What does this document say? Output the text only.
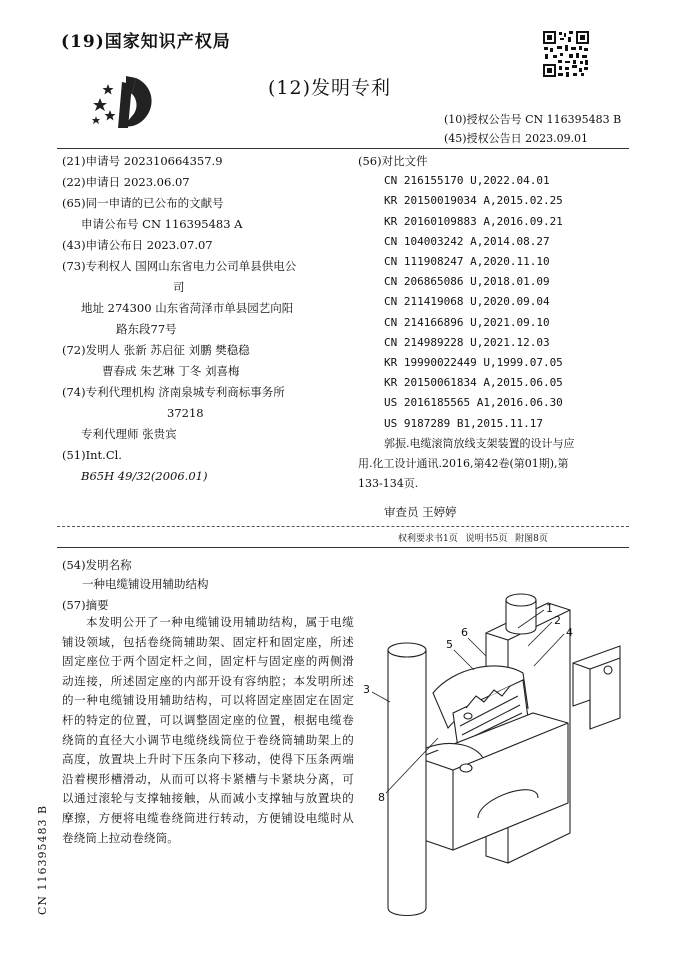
(19)国家知识产权局
(12)发明专利
(10)授权公告号 CN 116395483 B
(45)授权公告日 2023.09.01
(21)申请号 202310664357.9
(22)申请日 2023.06.07
(65)同一申请的已公布的文献号
申请公布号 CN 116395483 A
(43)申请公布日 2023.07.07
(73)专利权人 国网山东省电力公司单县供电公
司
地址 274300 山东省菏泽市单县园艺向阳
路东段77号
(72)发明人 张新 苏启征 刘鹏 樊稳稳
曹春成 朱艺琳 丁冬 刘喜梅
(74)专利代理机构 济南泉城专利商标事务所
37218
专利代理师 张贵宾
(51)Int.Cl.
B65H 49/32(2006.01)
(56)对比文件
CN 216155170 U,2022.04.01
KR 20150019034 A,2015.02.25
KR 20160109883 A,2016.09.21
CN 104003242 A,2014.08.27
CN 111908247 A,2020.11.10
CN 206865086 U,2018.01.09
CN 211419068 U,2020.09.04
CN 214166896 U,2021.09.10
CN 214989228 U,2021.12.03
KR 19990022449 U,1999.07.05
KR 20150061834 A,2015.06.05
US 2016185565 A1,2016.06.30
US 9187289 B1,2015.11.17
郭振.电缆滚筒放线支架装置的设计与应
用.化工设计通讯.2016,第42卷(第01期),第
133-134页.
审查员 王婷婷
权利要求书1页 说明书5页 附图8页
(54)发明名称
一种电缆铺设用辅助结构
(57)摘要
本发明公开了一种电缆铺设用辅助结构，属于电缆铺设领域，包括卷绕筒辅助架、固定杆和固定座，所述固定座位于两个固定杆之间，固定杆与固定座的两侧滑动连接，所述固定座的内部开设有容纳腔；本发明所述的一种电缆铺设用辅助结构，可以将固定座固定在固定杆的特定的位置，可以调整固定座的位置，根据电缆卷绕筒的直径大小调节电缆绕线筒位于卷绕筒辅助架上的高度，放置块上升时下压条向下移动，使得下压条两端沿着楔形槽滑动，从而可以将卡紧槽与卡紧块分离，可以通过滚轮与支撑轴接触，从而减小支撑轴与放置块的摩擦，方便将电缆卷绕筒进行转动，方便铺设电缆时从卷绕筒上拉动卷绕筒。
CN 116395483 B
1
2
4
6
5
3
8
